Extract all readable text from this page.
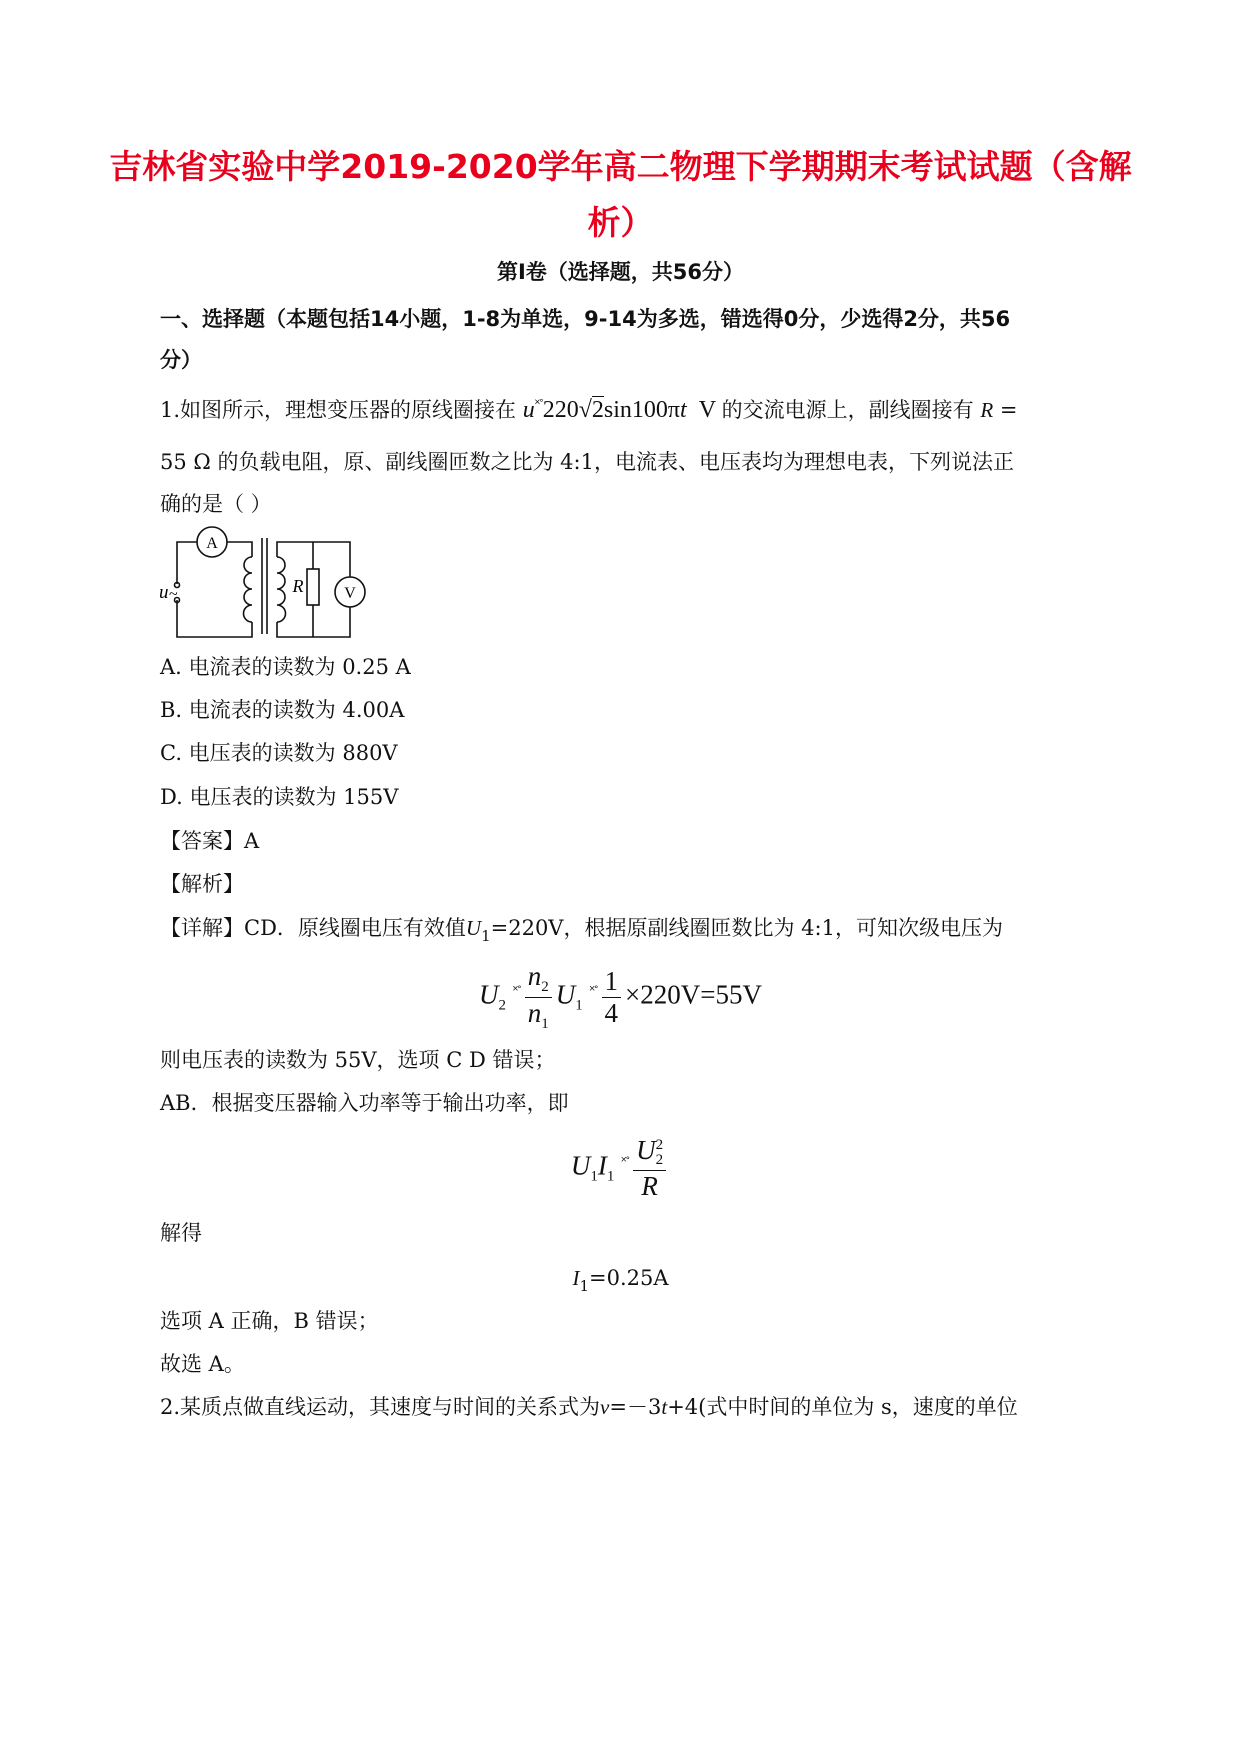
吉林省实验中学2019-2020学年高二物理下学期期末考试试题（含解
析）
第Ⅰ卷（选择题，共56分）
一、选择题（本题包括14小题，1-8为单选，9-14为多选，错选得0分，少选得2分，共56
分）
1.如图所示，理想变压器的原线圈接在 u˟˚220√2sin100πt V 的交流电源上，副线圈接有 R =
55 Ω 的负载电阻，原、副线圈匝数之比为 4:1，电流表、电压表均为理想电表，下列说法正
确的是（ ）
A
V
R
u ~
A. 电流表的读数为 0.25 A
B. 电流表的读数为 4.00A
C. 电压表的读数为 880V
D. 电压表的读数为 155V
【答案】A
【解析】
【详解】CD．原线圈电压有效值$U_1=220V$，根据原副线圈匝数比为 4:1，可知次级电压为
$U_2$ $^{˟˚} \frac{n_2}{n_1} U_1$ $^{˟˚} \frac{1}{4} \times 220V=55V$
则电压表的读数为 55V，选项 C D 错误；
AB．根据变压器输入功率等于输出功率，即
$U_1I_1$ ˟˚ U 2
2
R
解得
$I_1=0.25A$
选项 A 正确，B 错误；
故选 A。
2.某质点做直线运动，其速度与时间的关系式为v=－3t+4(式中时间的单位为 s，速度的单位
